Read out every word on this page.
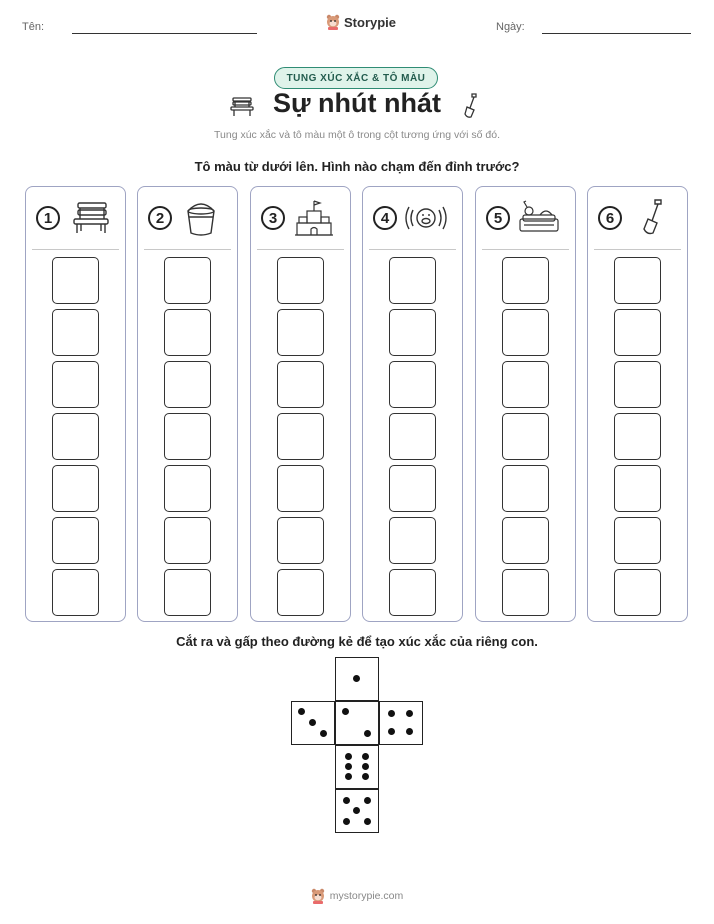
Tên:	Storypie	Ngày:
TUNG XÚC XẮC & TÔ MÀU
Sự nhút nhát
Tung xúc xắc và tô màu một ô trong cột tương ứng với số đó.
Tô màu từ dưới lên. Hình nào chạm đến đỉnh trước?
1	2	3	4	5	6
Cắt ra và gấp theo đường kẻ để tạo xúc xắc của riêng con.
mystorypie.com
